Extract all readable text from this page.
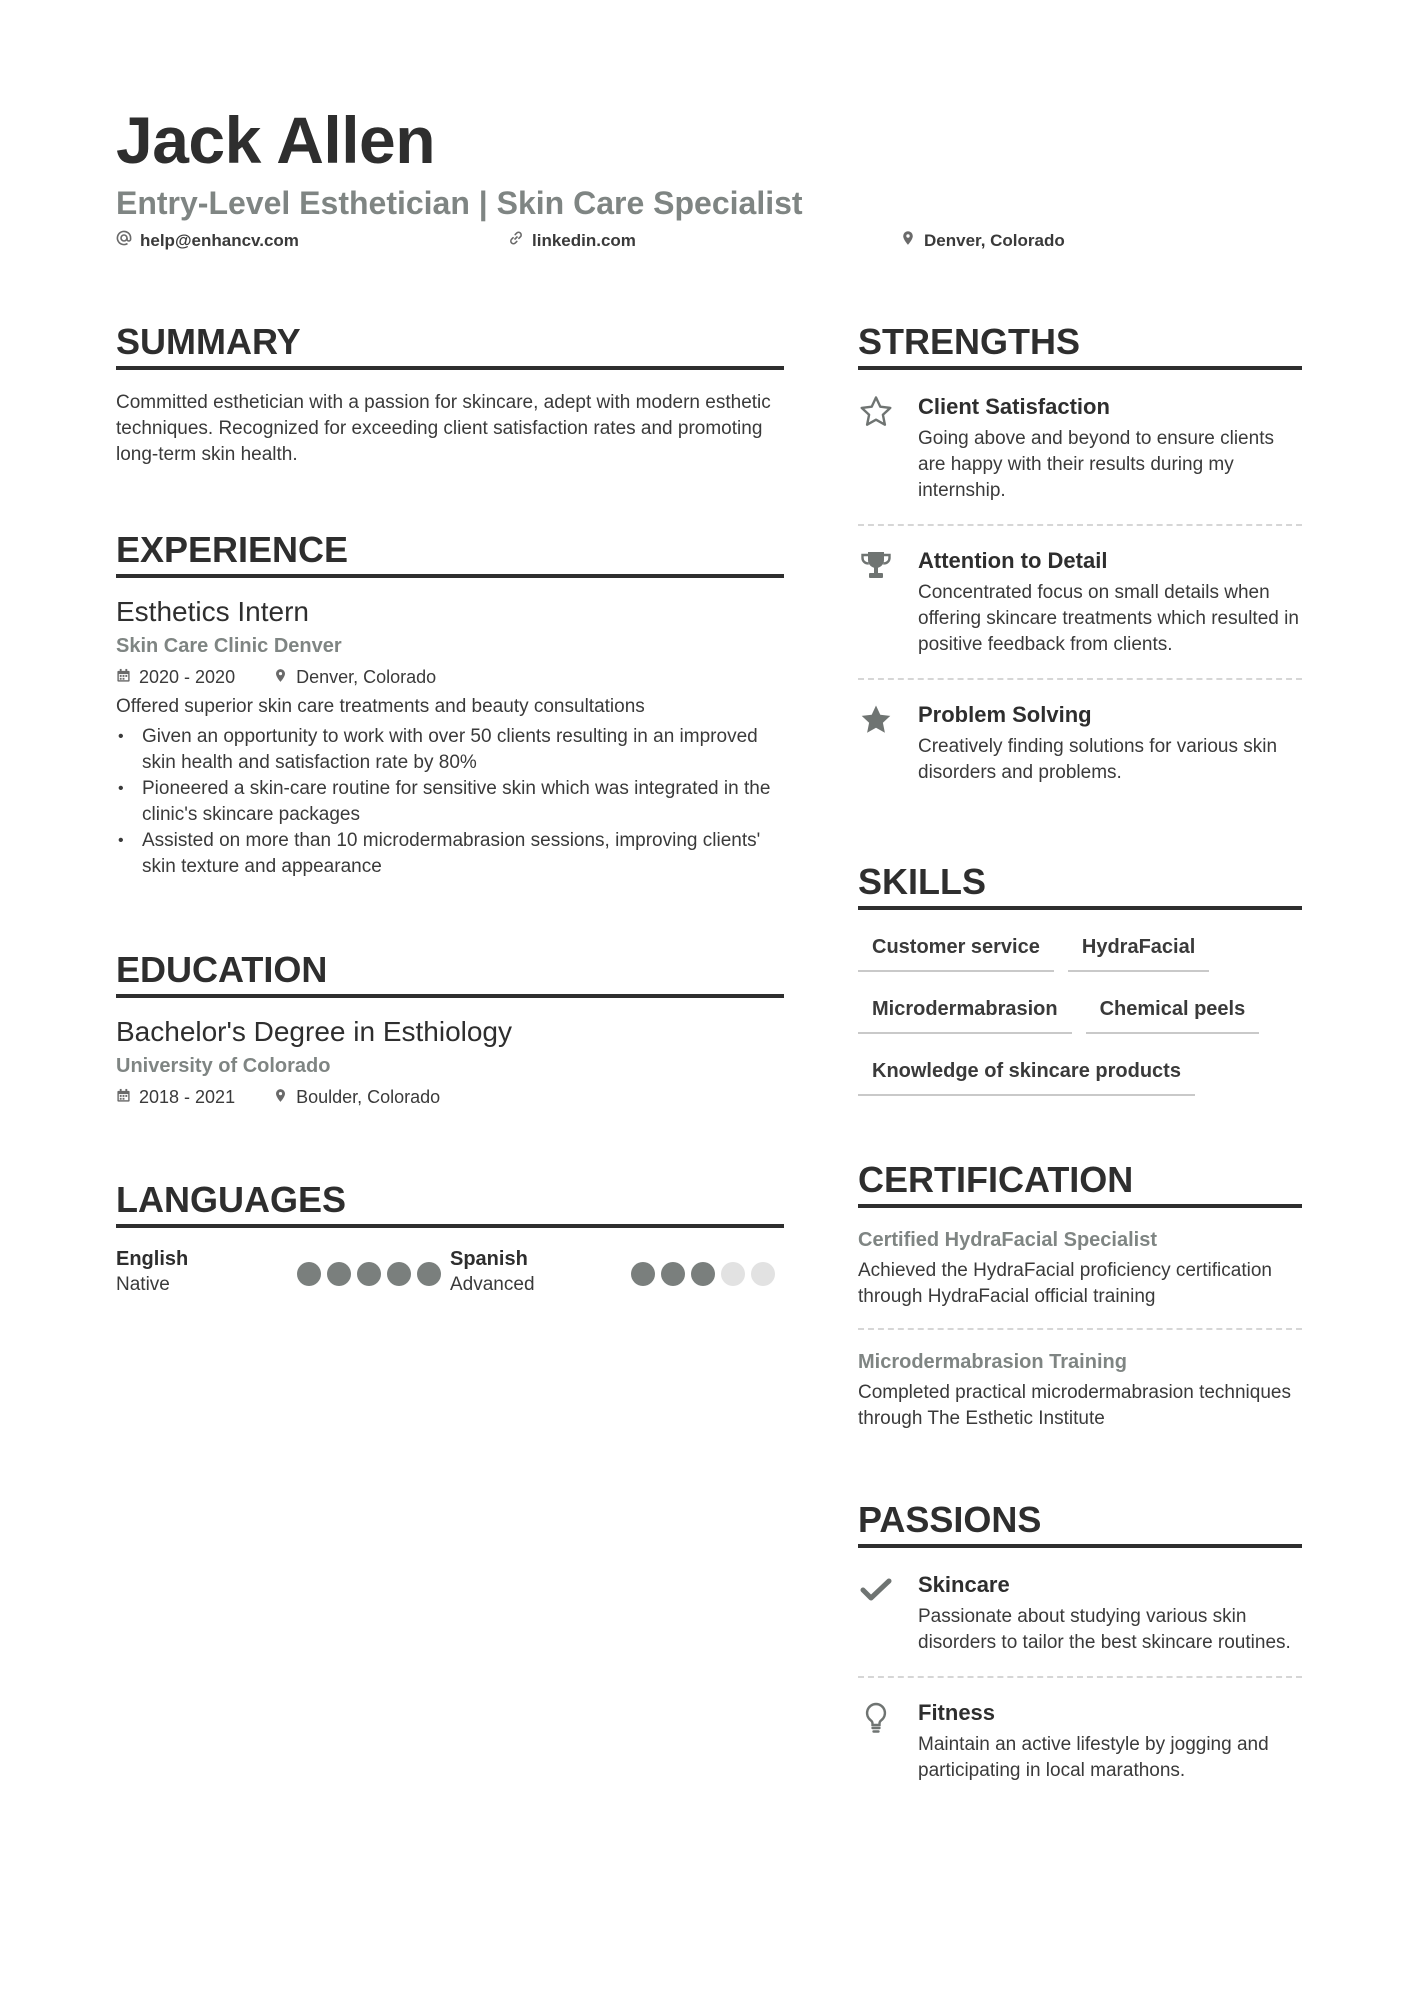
Jack Allen
Entry-Level Esthetician | Skin Care Specialist
help@enhancv.com	linkedin.com	Denver, Colorado
SUMMARY
Committed esthetician with a passion for skincare, adept with modern esthetic techniques. Recognized for exceeding client satisfaction rates and promoting long-term skin health.
EXPERIENCE
Esthetics Intern
Skin Care Clinic Denver
2020 - 2020	Denver, Colorado
Offered superior skin care treatments and beauty consultations
• Given an opportunity to work with over 50 clients resulting in an improved skin health and satisfaction rate by 80%
• Pioneered a skin-care routine for sensitive skin which was integrated in the clinic's skincare packages
• Assisted on more than 10 microdermabrasion sessions, improving clients' skin texture and appearance
EDUCATION
Bachelor's Degree in Esthiology
University of Colorado
2018 - 2021	Boulder, Colorado
LANGUAGES
English
Native
Spanish
Advanced
STRENGTHS
Client Satisfaction
Going above and beyond to ensure clients are happy with their results during my internship.
Attention to Detail
Concentrated focus on small details when offering skincare treatments which resulted in positive feedback from clients.
Problem Solving
Creatively finding solutions for various skin disorders and problems.
SKILLS
Customer service	HydraFacial
Microdermabrasion	Chemical peels
Knowledge of skincare products
CERTIFICATION
Certified HydraFacial Specialist
Achieved the HydraFacial proficiency certification through HydraFacial official training
Microdermabrasion Training
Completed practical microdermabrasion techniques through The Esthetic Institute
PASSIONS
Skincare
Passionate about studying various skin disorders to tailor the best skincare routines.
Fitness
Maintain an active lifestyle by jogging and participating in local marathons.
